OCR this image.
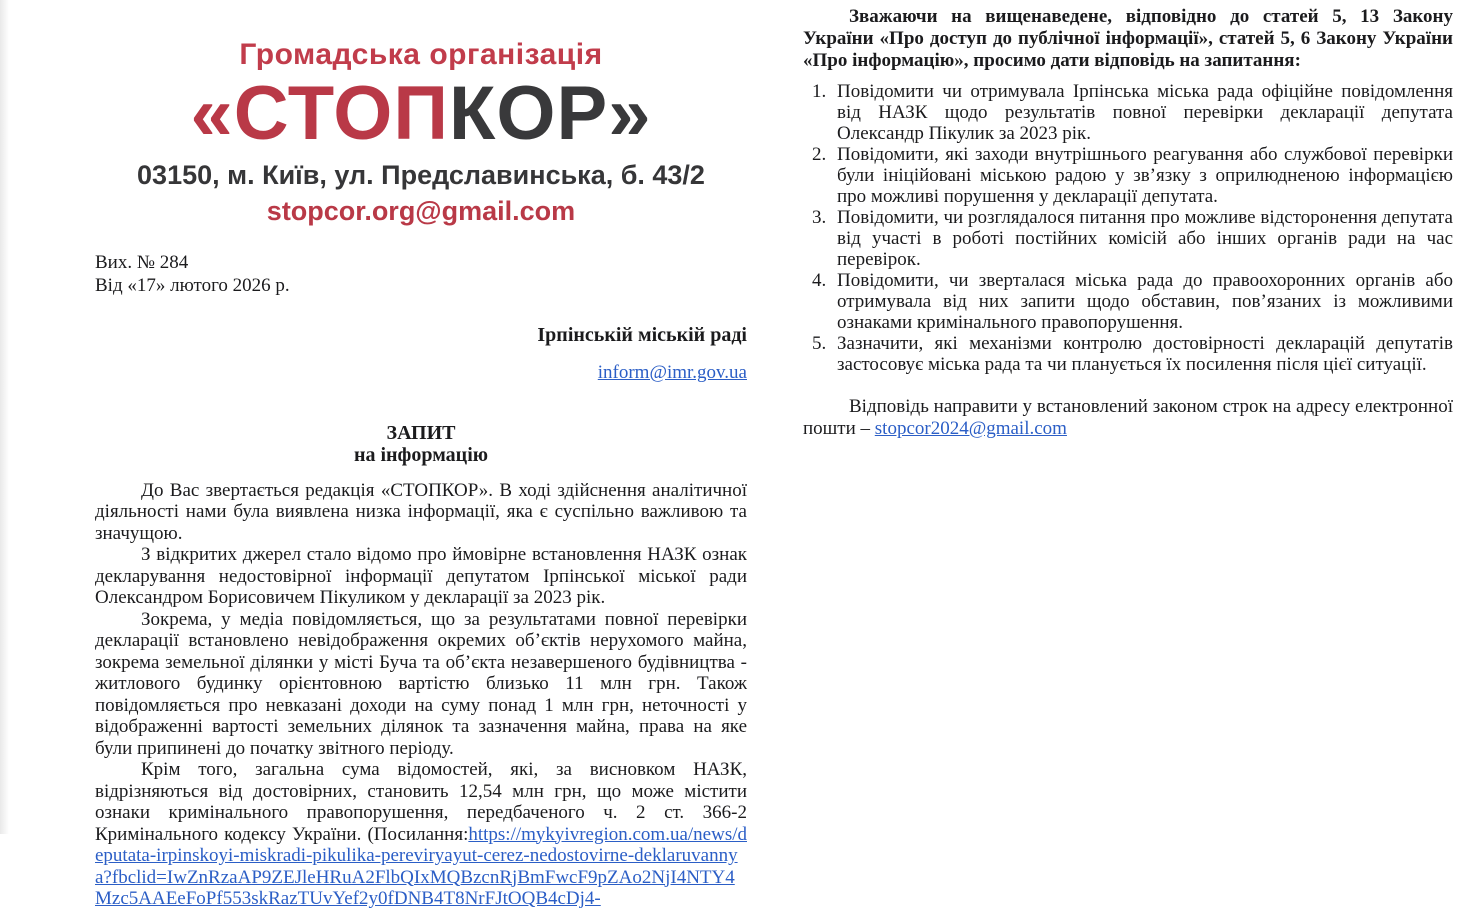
Громадська організація
«СТОПКОР»
03150, м. Київ, ул. Предславинська, б. 43/2
stopcor.org@gmail.com
Вих. № 284
Від «17» лютого 2026 р.
Ірпінській міській раді
inform@imr.gov.ua
ЗАПИТ
на інформацію

До Вас звертається редакція «СТОПКОР». В ході здійснення аналітичної діяльності нами була виявлена низка інформації, яка є суспільно важливою та значущою.

З відкритих джерел стало відомо про ймовірне встановлення НАЗК ознак декларування недостовірної інформації депутатом Ірпінської міської ради Олександром Борисовичем Пікуликом у декларації за 2023 рік.

Зокрема, у медіа повідомляється, що за результатами повної перевірки декларації встановлено невідображення окремих об’єктів нерухомого майна, зокрема земельної ділянки у місті Буча та об’єкта незавершеного будівництва - житлового будинку орієнтовною вартістю близько 11 млн грн. Також повідомляється про невказані доходи на суму понад 1 млн грн, неточності у відображенні вартості земельних ділянок та зазначення майна, права на яке були припинені до початку звітного періоду.

Крім того, загальна сума відомостей, які, за висновком НАЗК, відрізняються від достовірних, становить 12,54 млн грн, що може містити ознаки кримінального правопорушення, передбаченого ч. 2 ст. 366-2 Кримінального кодексу України. (Посилання:https://mykyivregion.com.ua/news/deputata-irpinskoyi-miskradi-pikulika-pereviryayut-cerez-nedostovirne-deklaruvannya?fbclid=IwZnRzaAP9ZEJleHRuA2FlbQIxMQBzcnRjBmFwcF9pZAo2NjI4NTY4Mzc5AAEeFoPf553skRazTUvYef2y0fDNB4T8NrFJtOQB4cDj4-

Зважаючи на вищенаведене, відповідно до статей 5, 13 Закону України «Про доступ до публічної інформації», статей 5, 6 Закону України «Про інформацію», просимо дати відповідь на запитання:

1. Повідомити чи отримувала Ірпінська міська рада офіційне повідомлення від НАЗК щодо результатів повної перевірки декларації депутата Олександр Пікулик за 2023 рік.
2. Повідомити, які заходи внутрішнього реагування або службової перевірки були ініційовані міською радою у зв’язку з оприлюдненою інформацією про можливі порушення у декларації депутата.
3. Повідомити, чи розглядалося питання про можливе відсторонення депутата від участі в роботі постійних комісій або інших органів ради на час перевірок.
4. Повідомити, чи зверталася міська рада до правоохоронних органів або отримувала від них запити щодо обставин, пов’язаних із можливими ознаками кримінального правопорушення.
5. Зазначити, які механізми контролю достовірності декларацій депутатів застосовує міська рада та чи планується їх посилення після цієї ситуації.

Відповідь направити у встановлений законом строк на адресу електронної пошти – stopcor2024@gmail.com
